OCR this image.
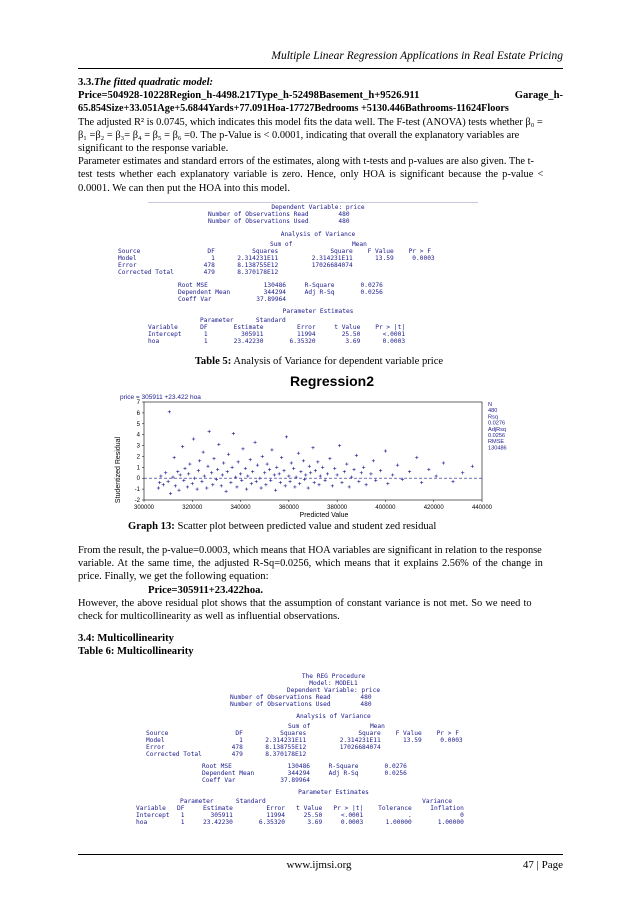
Multiple Linear Regression Applications in Real Estate Pricing
3.3.The fitted quadratic model:
Price=504928-10228Region_h-4498.217Type_h-52498Basement_h+9526.911	Garage_h-
65.854Size+33.051Age+5.6844Yards+77.091Hoa-17727Bedrooms +5130.446Bathrooms-11624Floors
The adjusted R² is 0.0745, which indicates this model fits the data well. The F-test (ANOVA) tests whether β₀ =
β₁ =β₂ = β₃= β₄ = β₅ = β₆ =0. The p-Value is < 0.0001, indicating that overall the explanatory variables are
significant to the response variable.
Parameter estimates and standard errors of the estimates, along with t-tests and p-values are also given. The t-
test tests whether each explanatory variable is zero. Hence, only HOA is significant because the p-value <
0.0001. We can then put the HOA into this model.
Dependent Variable: price
Number of Observations Read	480
Number of Observations Used	480
Analysis of Variance
Sum of                Mean
Source                  DF          Squares              Square    F Value    Pr > F
Model                    1      2.314231E11         2.314231E11      13.59     0.0003
Error                  478      8.138755E12         17026684074
Corrected Total        479      8.370178E12
Root MSE               130486     R-Square       0.0276
Dependent Mean         344294     Adj R-Sq       0.0256
Coeff Var            37.89964
Parameter Estimates
Parameter      Standard
Variable      DF       Estimate         Error     t Value    Pr > |t|
Intercept      1         305911         11994       25.50      <.0001
hoa            1       23.42230       6.35320        3.69      0.0003
Table 5: Analysis of Variance for dependent variable price
Regression2
price = 305911 +23.422 hoa
-2
-1
0
1
2
3
4
5
6
7
300000	320000	340000	360000	380000	400000	420000	440000
Studentized Residual
Predicted Value
N
480
Rsq
0.0276
AdjRsq
0.0256
RMSE
130486
Graph 13: Scatter plot between predicted value and student zed residual
From the result, the p-value=0.0003, which means that HOA variables are significant in relation to the response
variable. At the same time, the adjusted R-Sq=0.0256, which means that it explains 2.56% of the change in
price. Finally, we get the following equation:
Price=305911+23.422hoa.
However, the above residual plot shows that the assumption of constant variance is not met. So we need to
check for multicollinearity as well as influential observations.
3.4: Multicollinearity
Table 6: Multicollinearity
The REG Procedure
Model: MODEL1
Dependent Variable: price
Number of Observations Read	480
Number of Observations Used	480
Analysis of Variance
Sum of                Mean
Source                  DF          Squares              Square    F Value    Pr > F
Model                    1      2.314231E11         2.314231E11      13.59     0.0003
Error                  478      8.138755E12         17026684074
Corrected Total        479      8.370178E12
Root MSE               130486     R-Square       0.0276
Dependent Mean         344294     Adj R-Sq       0.0256
Coeff Var            37.89964
Parameter Estimates
Parameter      Standard                                          Variance
Variable   DF     Estimate         Error   t Value   Pr > |t|    Tolerance     Inflation
Intercept   1       305911         11994     25.50     <.0001            .             0
hoa         1     23.42230       6.35320      3.69     0.0003      1.00000       1.00000
www.ijmsi.org	47 | Page
